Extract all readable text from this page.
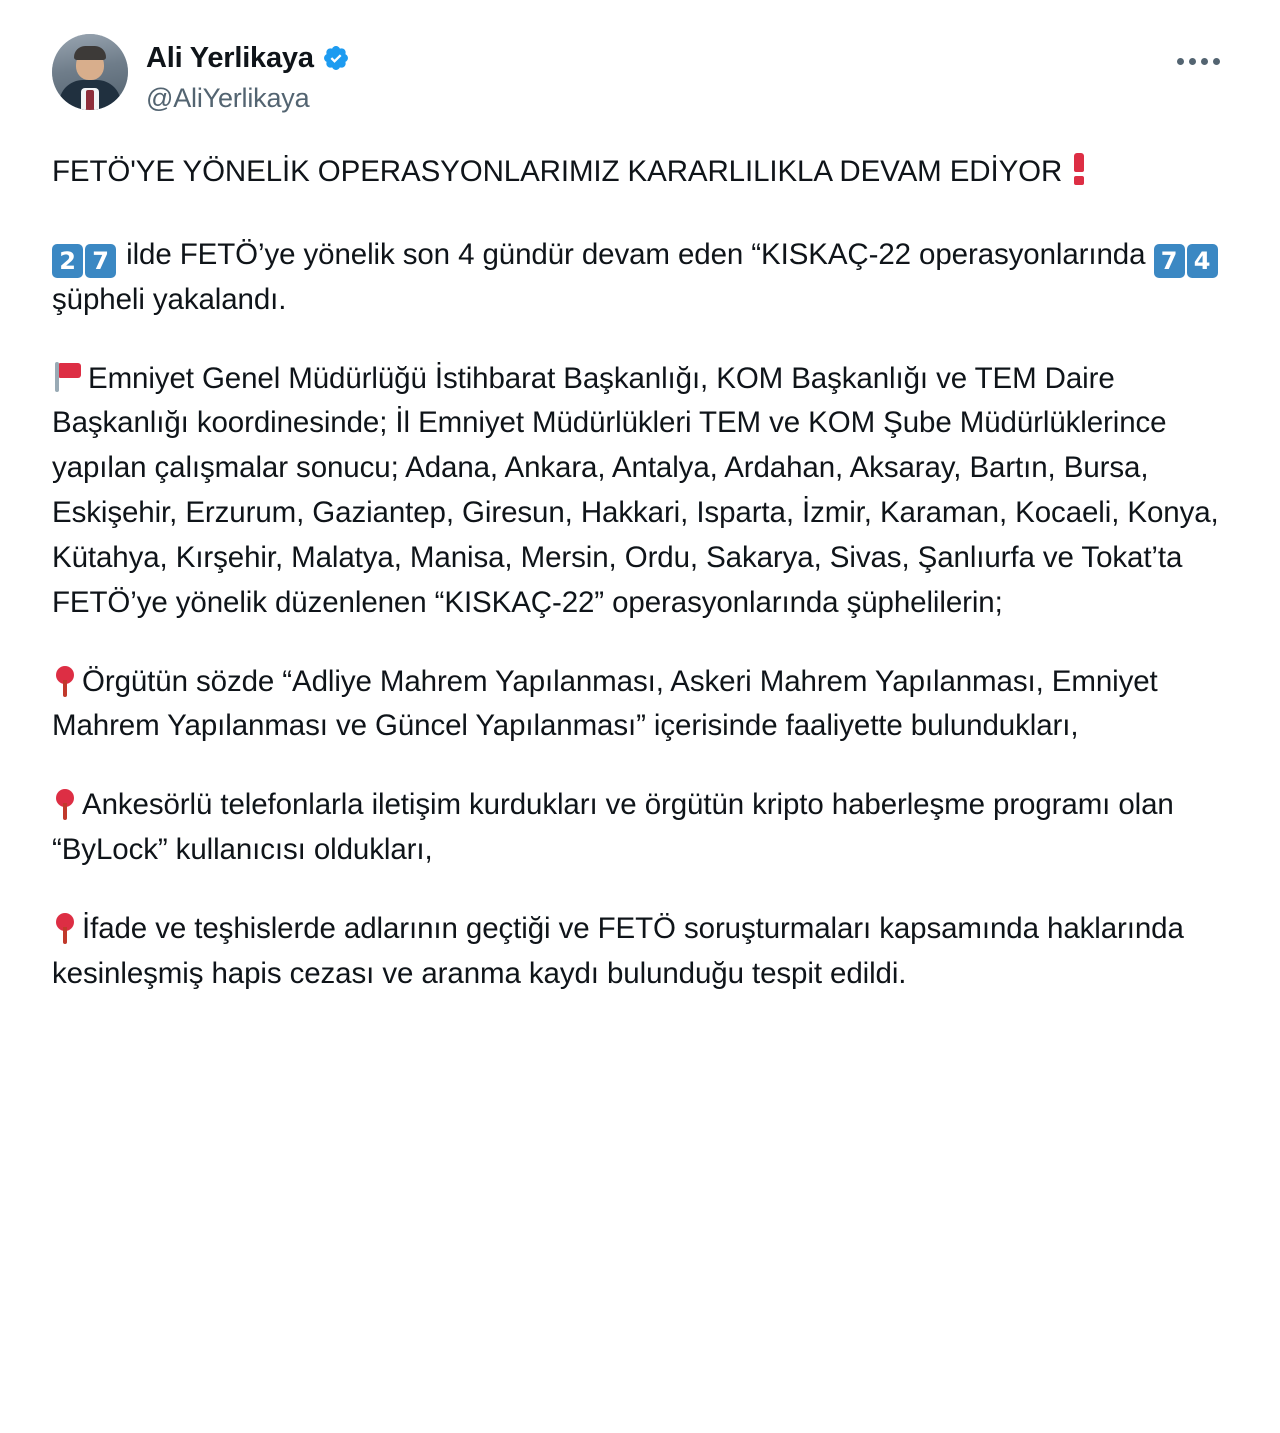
Ali Yerlikaya
@AliYerlikaya

FETÖ'YE YÖNELİK OPERASYONLARIMIZ KARARLILIKLA DEVAM EDİYOR

2 7 ilde FETÖ’ye yönelik son 4 gündür devam eden “KISKAÇ-22 operasyonlarında 7 4 şüpheli yakalandı.

Emniyet Genel Müdürlüğü İstihbarat Başkanlığı, KOM Başkanlığı ve TEM Daire Başkanlığı koordinesinde; İl Emniyet Müdürlükleri TEM ve KOM Şube Müdürlüklerince yapılan çalışmalar sonucu; Adana, Ankara, Antalya, Ardahan, Aksaray, Bartın, Bursa, Eskişehir, Erzurum, Gaziantep, Giresun, Hakkari, Isparta, İzmir, Karaman, Kocaeli, Konya, Kütahya, Kırşehir, Malatya, Manisa, Mersin, Ordu, Sakarya, Sivas, Şanlıurfa ve Tokat’ta FETÖ’ye yönelik düzenlenen “KISKAÇ-22” operasyonlarında şüphelilerin;

Örgütün sözde “Adliye Mahrem Yapılanması, Askeri Mahrem Yapılanması, Emniyet Mahrem Yapılanması ve Güncel Yapılanması” içerisinde faaliyette bulundukları,

Ankesörlü telefonlarla iletişim kurdukları ve örgütün kripto haberleşme programı olan “ByLock” kullanıcısı oldukları,

İfade ve teşhislerde adlarının geçtiği ve FETÖ soruşturmaları kapsamında haklarında kesinleşmiş hapis cezası ve aranma kaydı bulunduğu tespit edildi.
